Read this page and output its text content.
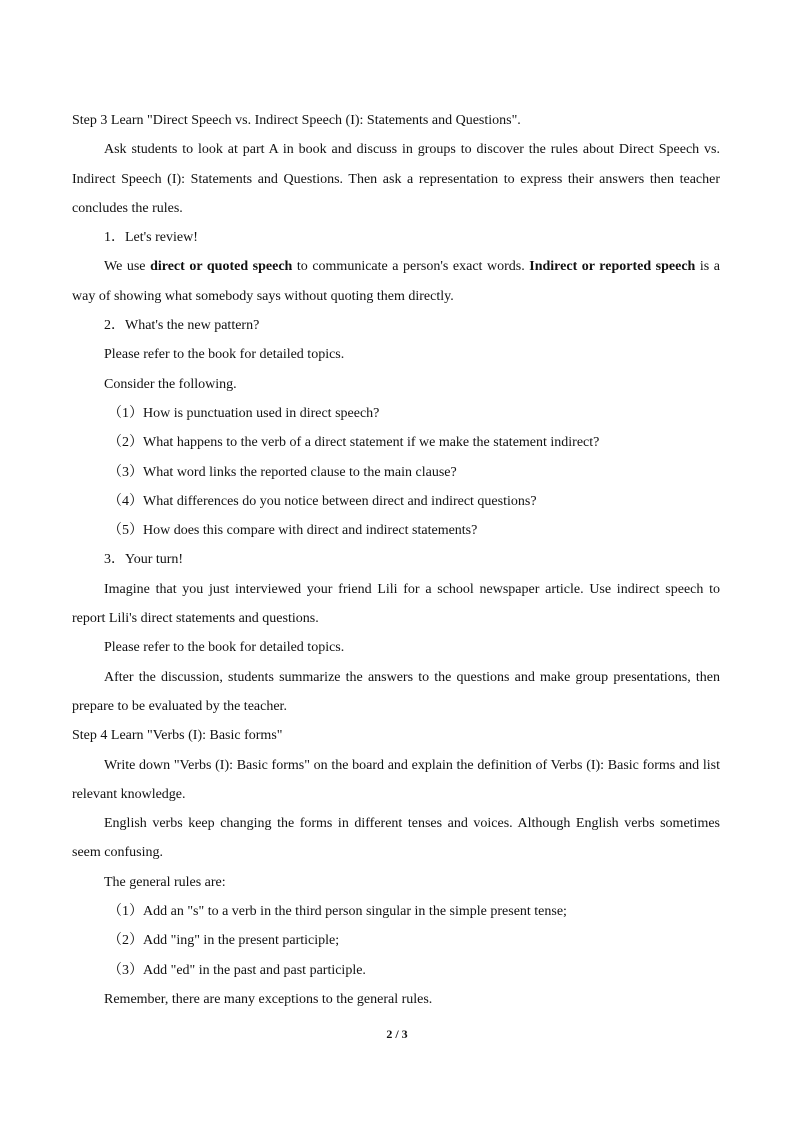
Step 3 Learn "Direct Speech vs. Indirect Speech (I): Statements and Questions".

Ask students to look at part A in book and discuss in groups to discover the rules about Direct Speech vs. Indirect Speech (I): Statements and Questions. Then ask a representation to express their answers then teacher concludes the rules.

1．Let's review!

We use direct or quoted speech to communicate a person's exact words. Indirect or reported speech is a way of showing what somebody says without quoting them directly.

2．What's the new pattern?

Please refer to the book for detailed topics.

Consider the following.

（1）How is punctuation used in direct speech?

（2）What happens to the verb of a direct statement if we make the statement indirect?

（3）What word links the reported clause to the main clause?

（4）What differences do you notice between direct and indirect questions?

（5）How does this compare with direct and indirect statements?

3．Your turn!

Imagine that you just interviewed your friend Lili for a school newspaper article. Use indirect speech to report Lili's direct statements and questions.

Please refer to the book for detailed topics.

After the discussion, students summarize the answers to the questions and make group presentations, then prepare to be evaluated by the teacher.

Step 4 Learn "Verbs (I): Basic forms"

Write down "Verbs (I): Basic forms" on the board and explain the definition of Verbs (I): Basic forms and list relevant knowledge.

English verbs keep changing the forms in different tenses and voices. Although English verbs sometimes seem confusing.

The general rules are:

（1）Add an "s" to a verb in the third person singular in the simple present tense;

（2）Add "ing" in the present participle;

（3）Add "ed" in the past and past participle.

Remember, there are many exceptions to the general rules.

2 / 3
